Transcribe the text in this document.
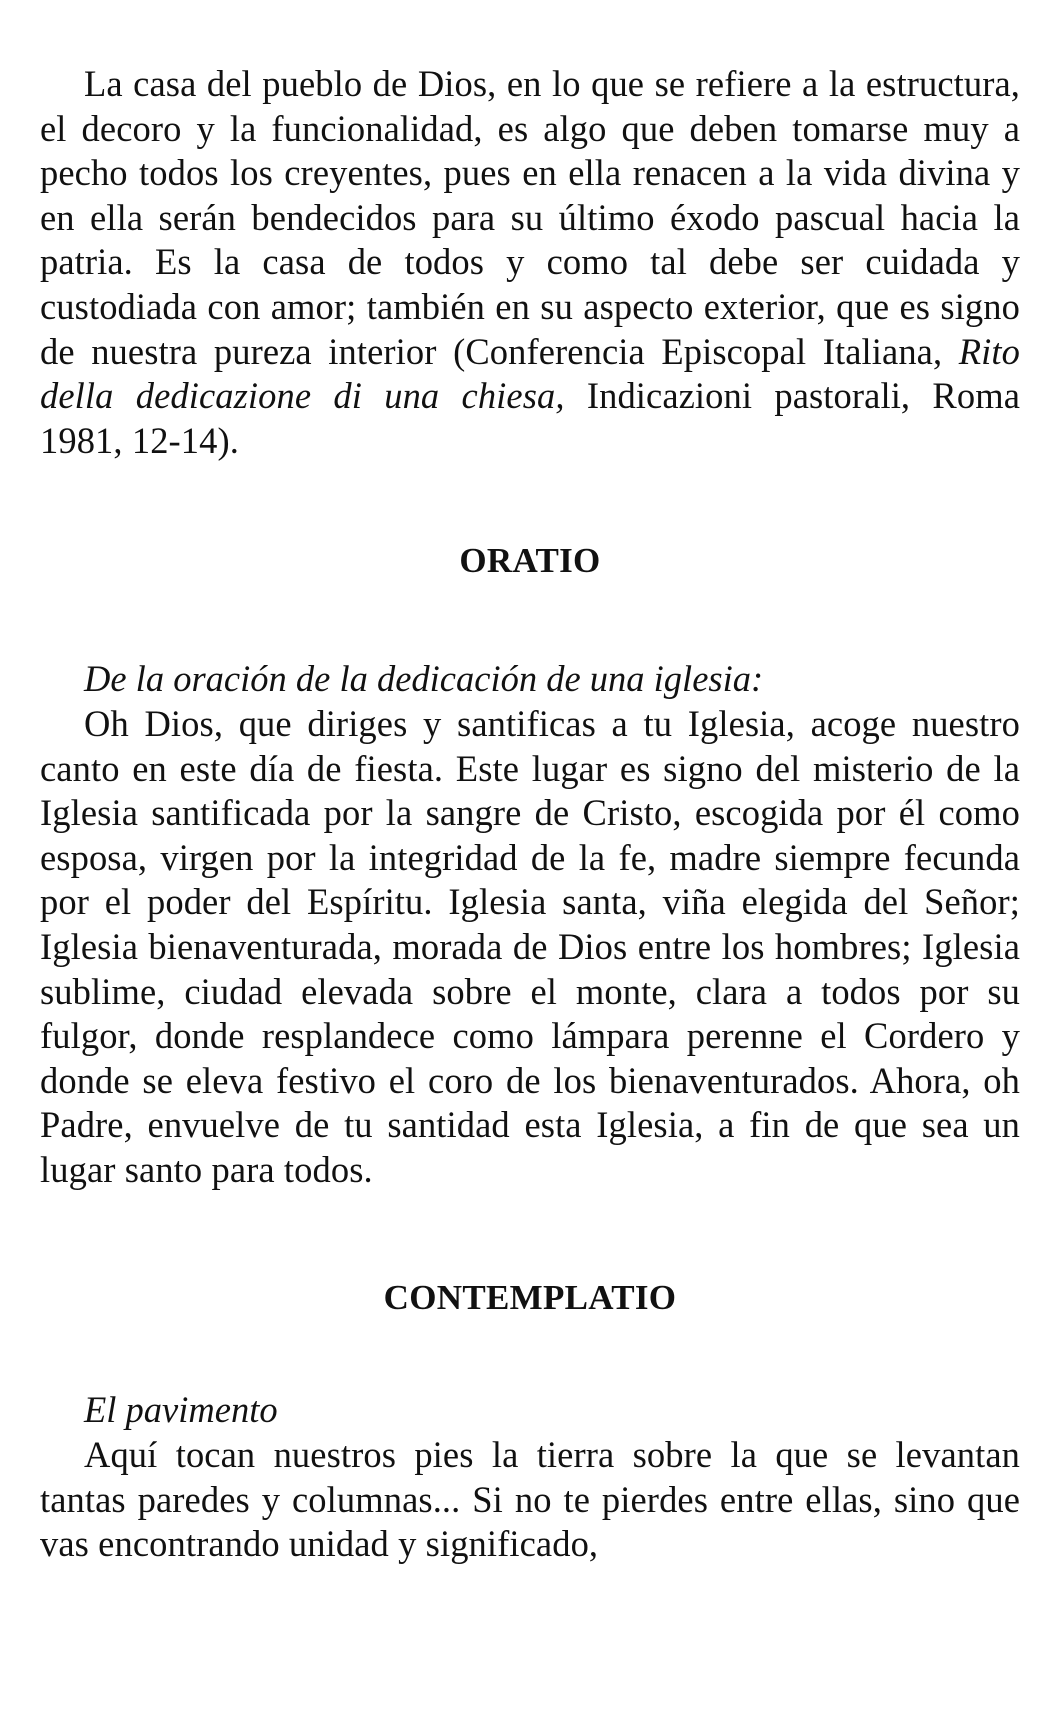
La casa del pueblo de Dios, en lo que se refiere a la estructura, el decoro y la funcionalidad, es algo que deben tomarse muy a pecho todos los creyentes, pues en ella renacen a la vida divina y en ella serán bendecidos para su último éxodo pascual hacia la patria. Es la casa de todos y como tal debe ser cuidada y custodiada con amor; también en su aspecto exterior, que es signo de nuestra pureza interior (Conferencia Episcopal Italiana, Rito della dedicazione di una chiesa, Indicazioni pastorali, Roma 1981, 12-14).

ORATIO

De la oración de la dedicación de una iglesia:

Oh Dios, que diriges y santificas a tu Iglesia, acoge nuestro canto en este día de fiesta. Este lugar es signo del misterio de la Iglesia santificada por la sangre de Cristo, escogida por él como esposa, virgen por la integridad de la fe, madre siempre fecunda por el poder del Espíritu. Iglesia santa, viña elegida del Señor; Iglesia bienaventurada, morada de Dios entre los hombres; Iglesia sublime, ciudad elevada sobre el monte, clara a todos por su fulgor, donde resplandece como lámpara perenne el Cordero y donde se eleva festivo el coro de los bienaventurados. Ahora, oh Padre, envuelve de tu santidad esta Iglesia, a fin de que sea un lugar santo para todos.

CONTEMPLATIO

El pavimento

Aquí tocan nuestros pies la tierra sobre la que se levantan tantas paredes y columnas... Si no te pierdes entre ellas, sino que vas encontrando unidad y significado,
